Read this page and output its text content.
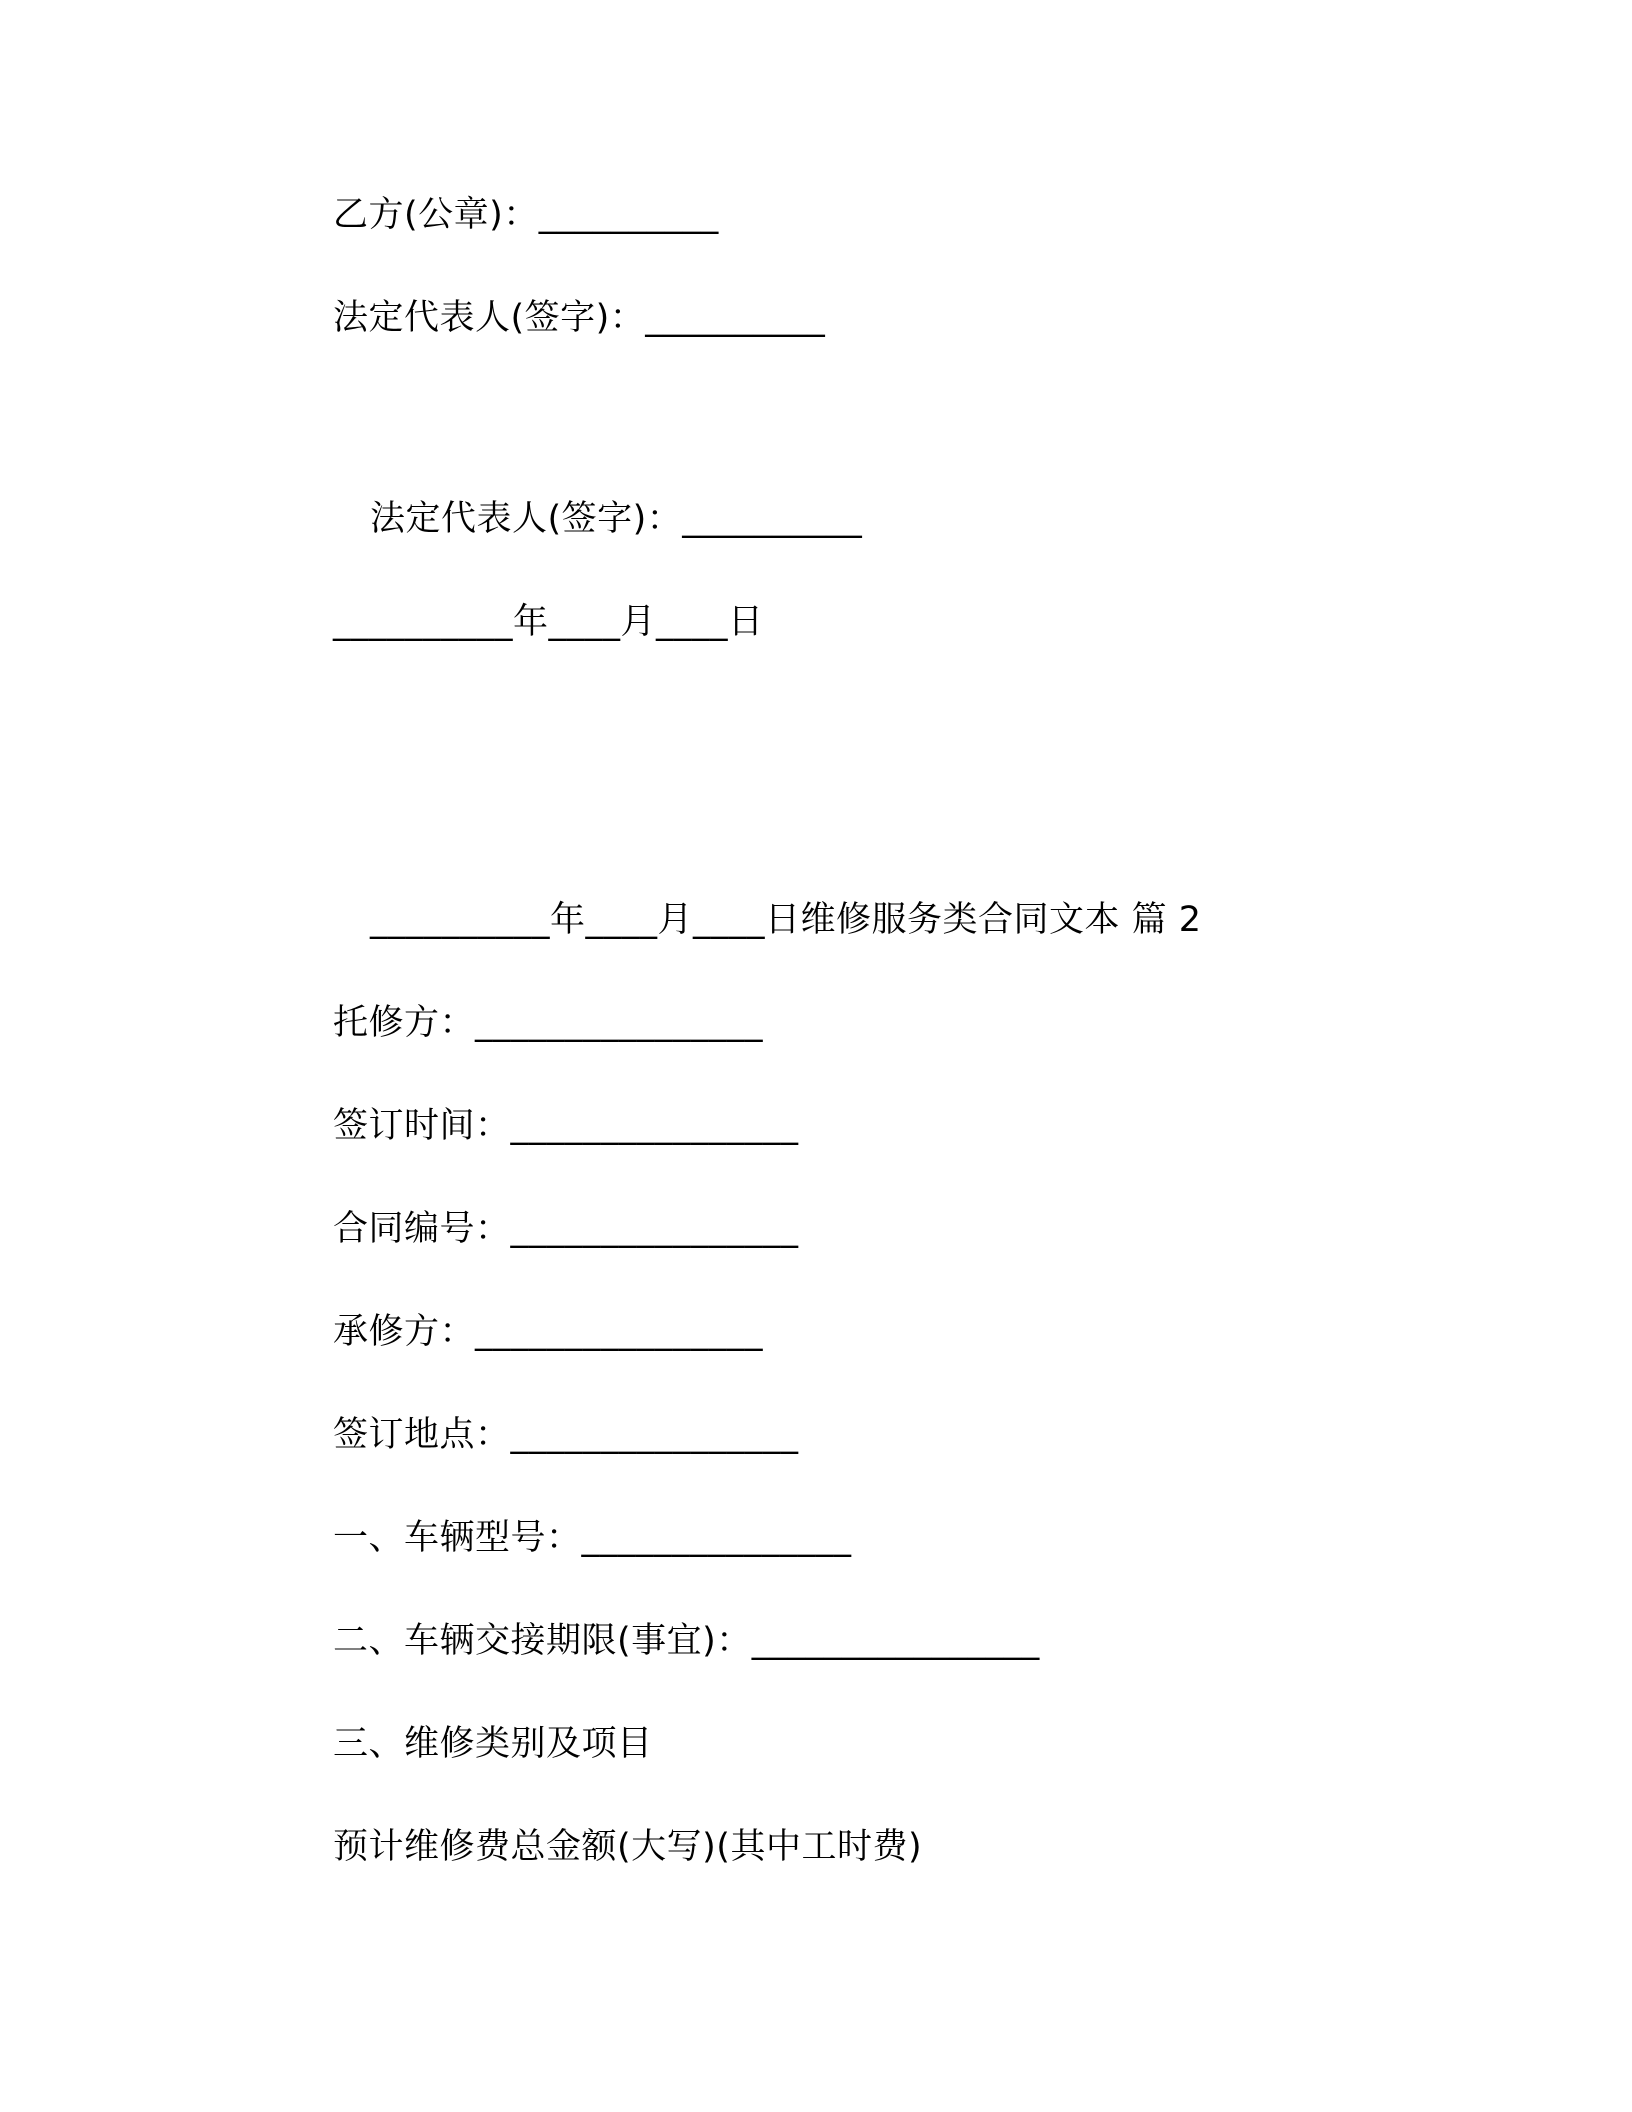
乙方(公章)：__________
法定代表人(签字)：__________
法定代表人(签字)：__________
__________年____月____日
__________年____月____日维修服务类合同文本 篇 2
托修方：________________
签订时间：________________
合同编号：________________
承修方：________________
签订地点：________________
一、车辆型号：_______________
二、车辆交接期限(事宜)：________________
三、维修类别及项目
预计维修费总金额(大写)(其中工时费)
